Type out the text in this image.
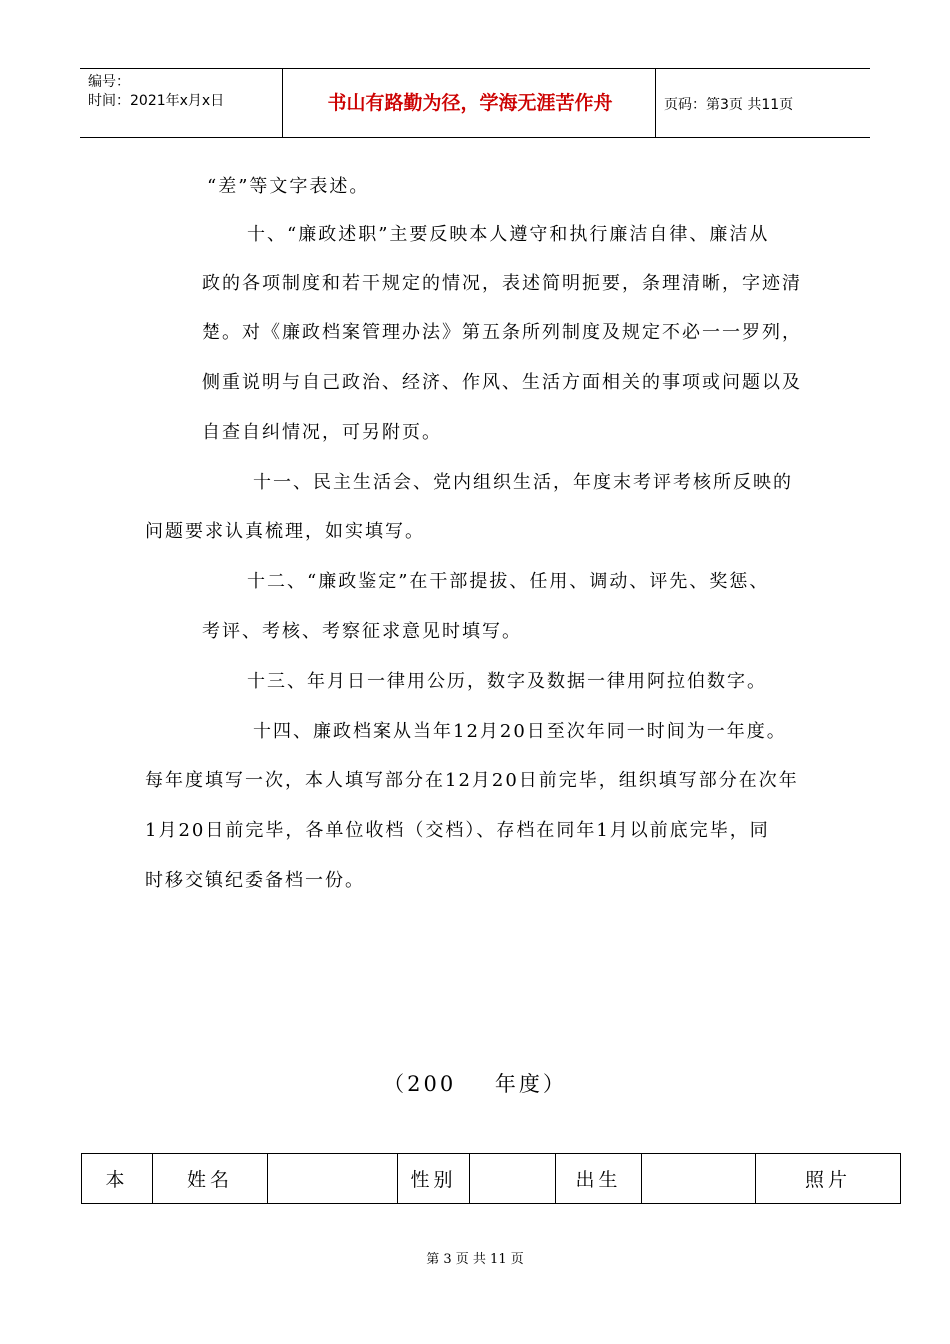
编号：
时间：2021年x月x日	书山有路勤为径，学海无涯苦作舟	页码：第3页 共11页
“差”等文字表述。
十、“廉政述职”主要反映本人遵守和执行廉洁自律、廉洁从
政的各项制度和若干规定的情况，表述简明扼要，条理清晰，字迹清
楚。对《廉政档案管理办法》第五条所列制度及规定不必一一罗列，
侧重说明与自己政治、经济、作风、生活方面相关的事项或问题以及
自查自纠情况，可另附页。
十一、民主生活会、党内组织生活，年度末考评考核所反映的
问题要求认真梳理，如实填写。
十二、“廉政鉴定”在干部提拔、任用、调动、评先、奖惩、
考评、考核、考察征求意见时填写。
十三、年月日一律用公历，数字及数据一律用阿拉伯数字。
十四、廉政档案从当年12月20日至次年同一时间为一年度。
每年度填写一次，本人填写部分在12月20日前完毕，组织填写部分在次年
1月20日前完毕，各单位收档（交档）、存档在同年1月以前底完毕，同
时移交镇纪委备档一份。
（200    年度）
本	姓名		性别		出生		照片
第 3 页 共 11 页
